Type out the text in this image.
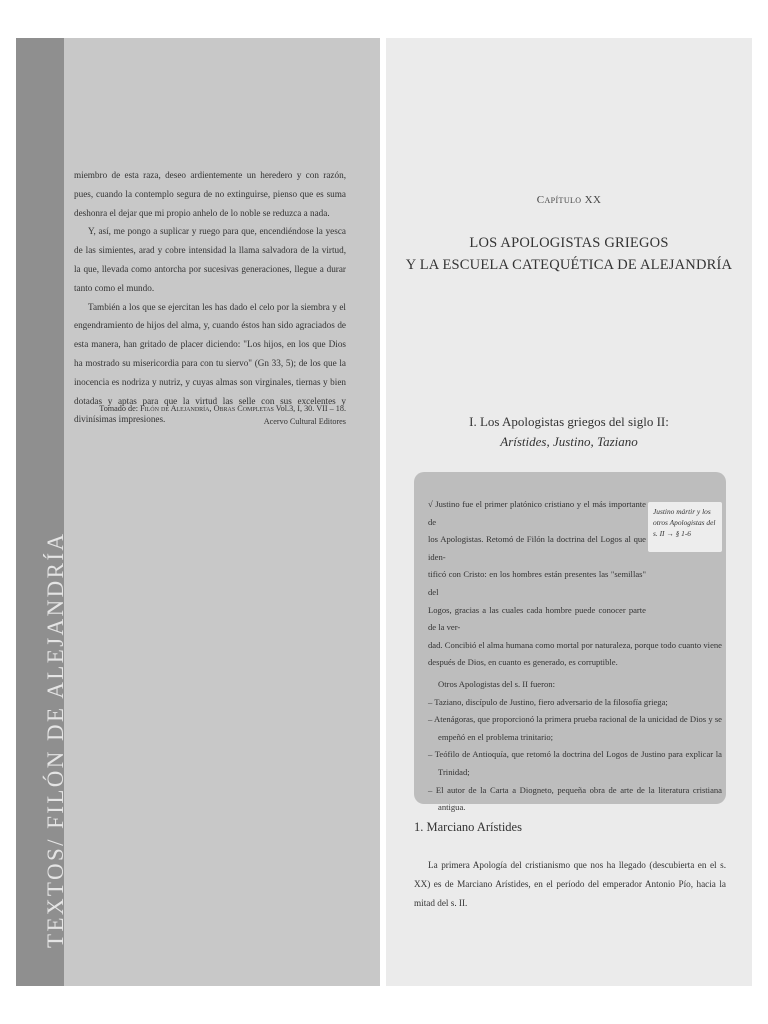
TEXTOS/ FILÓN DE ALEJANDRÍA

miembro de esta raza, deseo ardientemente un heredero y con razón, pues, cuando la contemplo segura de no extinguirse, pienso que es suma deshonra el dejar que mi propio anhelo de lo noble se reduzca a nada.

Y, así, me pongo a suplicar y ruego para que, encendiéndose la yesca de las simientes, arad y cobre intensidad la llama salvadora de la virtud, la que, llevada como antorcha por sucesivas generaciones, llegue a durar tanto como el mundo.

También a los que se ejercitan les has dado el celo por la siembra y el engendramiento de hijos del alma, y, cuando éstos han sido agraciados de esta manera, han gritado de placer diciendo: "Los hijos, en los que Dios ha mostrado su misericordia para con tu siervo" (Gn 33, 5); de los que la inocencia es nodriza y nutriz, y cuyas almas son virginales, tiernas y bien dotadas y aptas para que la virtud las selle con sus excelentes y divinísimas impresiones.

Tomado de: Filón de Alejandría, Obras Completas Vol.3, I, 30. VII – 18.
Acervo Cultural Editores
Capítulo XX
LOS APOLOGISTAS GRIEGOS
Y LA ESCUELA CATEQUÉTICA DE ALEJANDRÍA
I. Los Apologistas griegos del siglo II:
Arístides, Justino, Taziano
Justino mártir y los otros Apologistas del s. II → § 1-6

√ Justino fue el primer platónico cristiano y el más importante de
los Apologistas. Retomó de Filón la doctrina del Logos al que iden-
tificó con Cristo: en los hombres están presentes las "semillas" del
Logos, gracias a las cuales cada hombre puede conocer parte de la ver-
dad. Concibió el alma humana como mortal por naturaleza, porque todo cuanto viene después de Dios, en cuanto es generado, es corruptible.

Otros Apologistas del s. II fueron:

– Taziano, discípulo de Justino, fiero adversario de la filosofía griega;
– Atenágoras, que proporcionó la primera prueba racional de la unicidad de Dios y se empeñó en el problema trinitario;
– Teófilo de Antioquía, que retomó la doctrina del Logos de Justino para explicar la Trinidad;
– El autor de la Carta a Diogneto, pequeña obra de arte de la literatura cristiana antigua.
1. Marciano Arístides

La primera Apología del cristianismo que nos ha llegado (descubierta en el s. XX) es de Marciano Arístides, en el período del emperador Antonio Pío, hacia la mitad del s. II.
